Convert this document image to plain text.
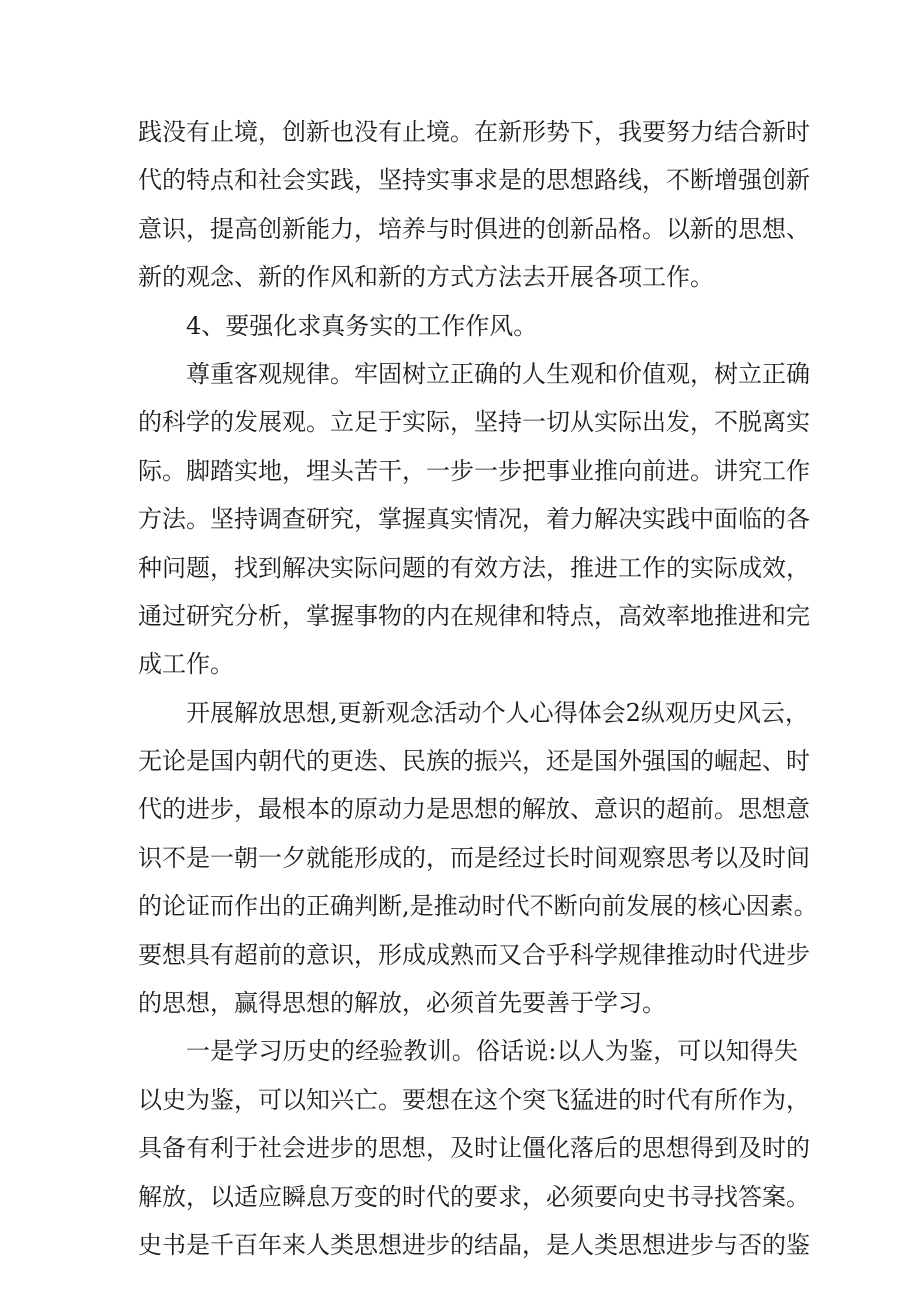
践没有止境，创新也没有止境。在新形势下，我要努力结合新时
代的特点和社会实践，坚持实事求是的思想路线，不断增强创新
意识，提高创新能力，培养与时俱进的创新品格。以新的思想、
新的观念、新的作风和新的方式方法去开展各项工作。
4、要强化求真务实的工作作风。
尊重客观规律。牢固树立正确的人生观和价值观，树立正确
的科学的发展观。立足于实际，坚持一切从实际出发，不脱离实
际。脚踏实地，埋头苦干，一步一步把事业推向前进。讲究工作
方法。坚持调查研究，掌握真实情况，着力解决实践中面临的各
种问题，找到解决实际问题的有效方法，推进工作的实际成效，
通过研究分析，掌握事物的内在规律和特点，高效率地推进和完
成工作。
开展解放思想,更新观念活动个人心得体会2纵观历史风云，
无论是国内朝代的更迭、民族的振兴，还是国外强国的崛起、时
代的进步，最根本的原动力是思想的解放、意识的超前。思想意
识不是一朝一夕就能形成的，而是经过长时间观察思考以及时间
的论证而作出的正确判断,是推动时代不断向前发展的核心因素。
要想具有超前的意识，形成成熟而又合乎科学规律推动时代进步
的思想，赢得思想的解放，必须首先要善于学习。
一是学习历史的经验教训。俗话说:以人为鉴，可以知得失
以史为鉴，可以知兴亡。要想在这个突飞猛进的时代有所作为，
具备有利于社会进步的思想，及时让僵化落后的思想得到及时的
解放，以适应瞬息万变的时代的要求，必须要向史书寻找答案。
史书是千百年来人类思想进步的结晶，是人类思想进步与否的鉴
